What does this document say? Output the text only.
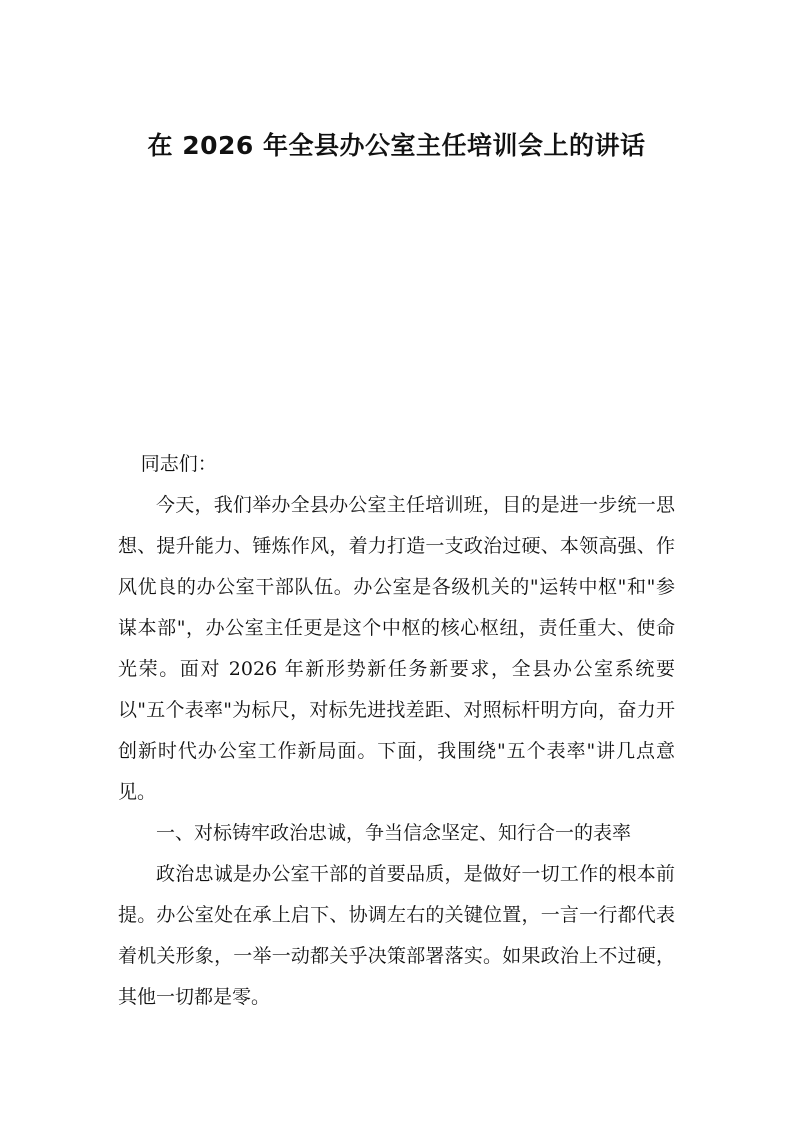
在 2026 年全县办公室主任培训会上的讲话

同志们：

今天，我们举办全县办公室主任培训班，目的是进一步统一思想、提升能力、锤炼作风，着力打造一支政治过硬、本领高强、作风优良的办公室干部队伍。办公室是各级机关的"运转中枢"和"参谋本部"，办公室主任更是这个中枢的核心枢纽，责任重大、使命光荣。面对 2026 年新形势新任务新要求，全县办公室系统要以"五个表率"为标尺，对标先进找差距、对照标杆明方向，奋力开创新时代办公室工作新局面。下面，我围绕"五个表率"讲几点意见。

一、对标铸牢政治忠诚，争当信念坚定、知行合一的表率

政治忠诚是办公室干部的首要品质，是做好一切工作的根本前提。办公室处在承上启下、协调左右的关键位置，一言一行都代表着机关形象，一举一动都关乎决策部署落实。如果政治上不过硬，其他一切都是零。
